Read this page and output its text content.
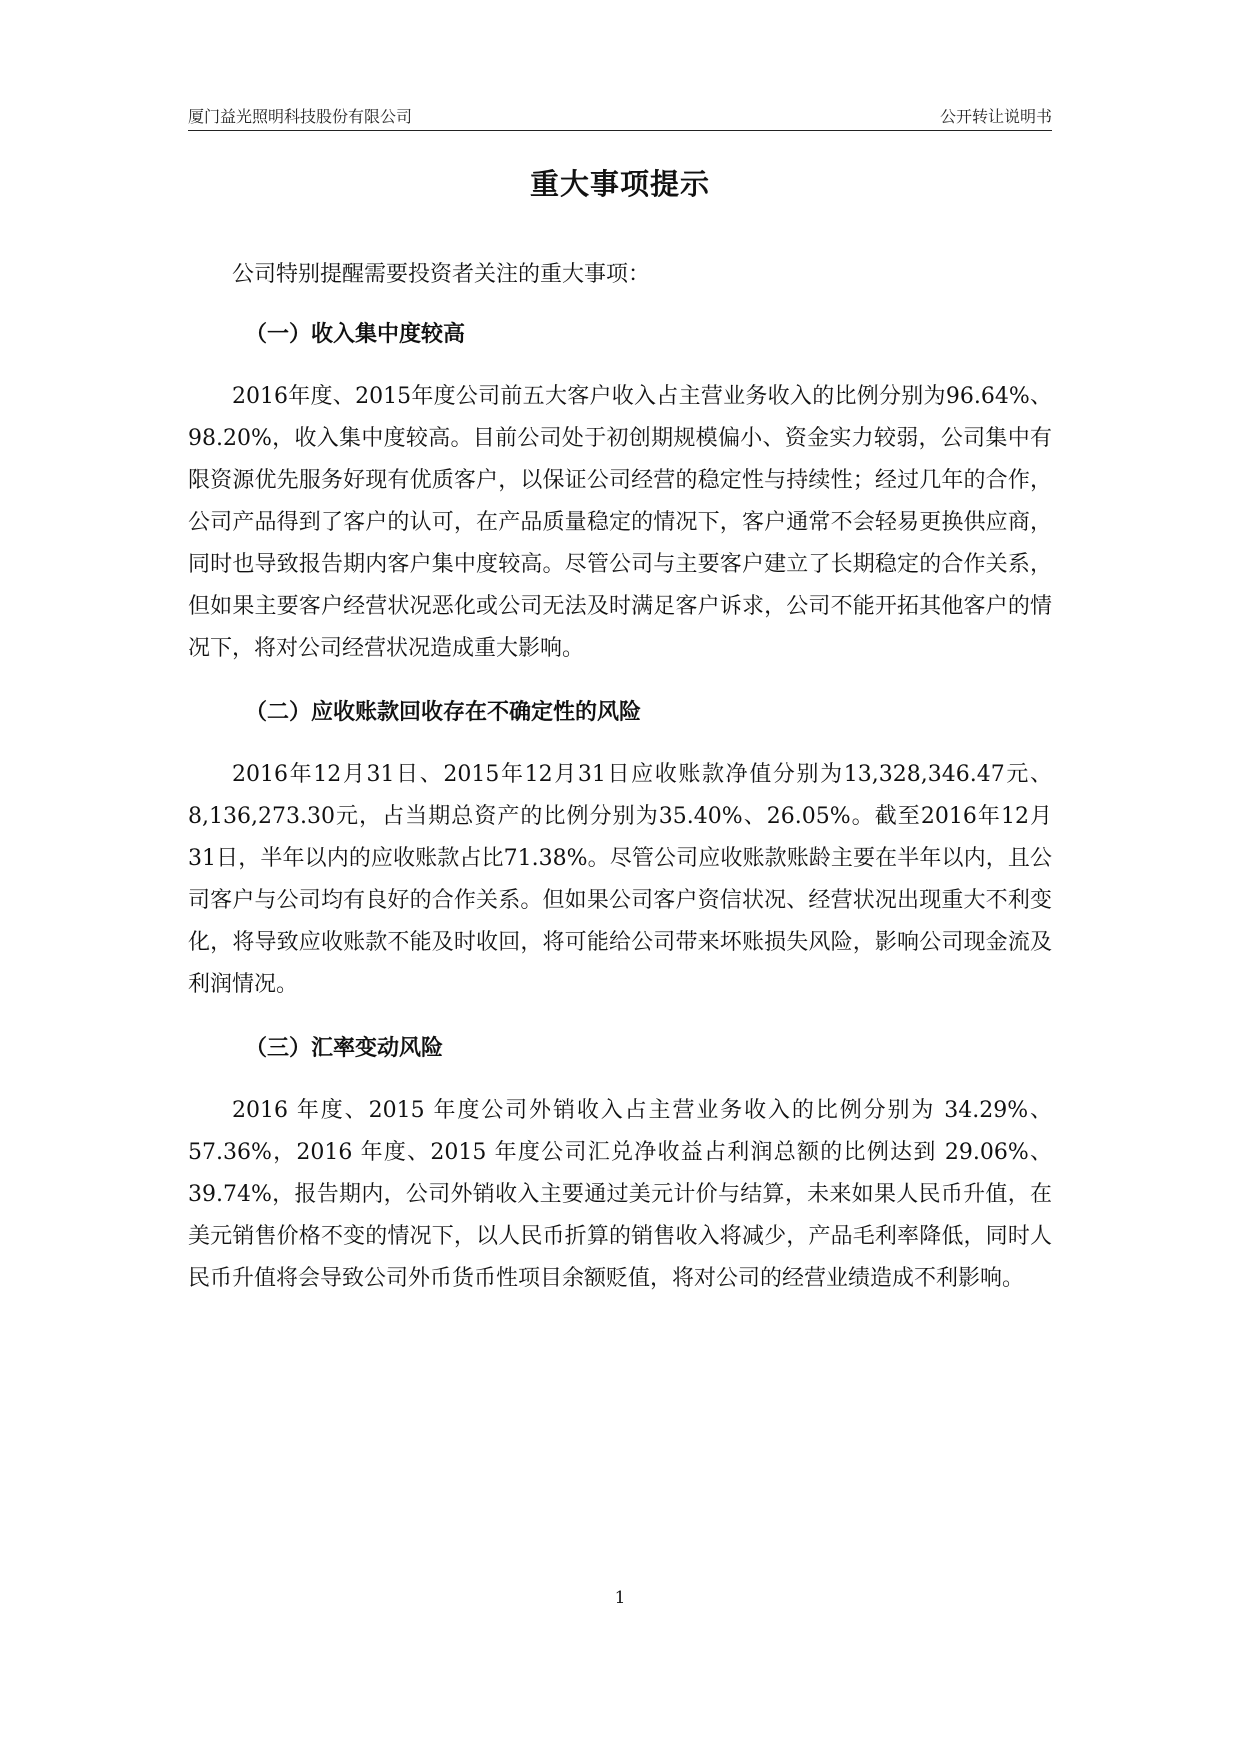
厦门益光照明科技股份有限公司	公开转让说明书
重大事项提示

公司特别提醒需要投资者关注的重大事项：

（一）收入集中度较高

2016年度、2015年度公司前五大客户收入占主营业务收入的比例分别为96.64%、98.20%，收入集中度较高。目前公司处于初创期规模偏小、资金实力较弱，公司集中有限资源优先服务好现有优质客户，以保证公司经营的稳定性与持续性；经过几年的合作，公司产品得到了客户的认可，在产品质量稳定的情况下，客户通常不会轻易更换供应商，同时也导致报告期内客户集中度较高。尽管公司与主要客户建立了长期稳定的合作关系，但如果主要客户经营状况恶化或公司无法及时满足客户诉求，公司不能开拓其他客户的情况下，将对公司经营状况造成重大影响。

（二）应收账款回收存在不确定性的风险

2016年12月31日、2015年12月31日应收账款净值分别为13,328,346.47元、8,136,273.30元，占当期总资产的比例分别为35.40%、26.05%。截至2016年12月31日，半年以内的应收账款占比71.38%。尽管公司应收账款账龄主要在半年以内，且公司客户与公司均有良好的合作关系。但如果公司客户资信状况、经营状况出现重大不利变化，将导致应收账款不能及时收回，将可能给公司带来坏账损失风险，影响公司现金流及利润情况。

（三）汇率变动风险

2016 年度、2015 年度公司外销收入占主营业务收入的比例分别为 34.29%、57.36%，2016 年度、2015 年度公司汇兑净收益占利润总额的比例达到 29.06%、39.74%，报告期内，公司外销收入主要通过美元计价与结算，未来如果人民币升值，在美元销售价格不变的情况下，以人民币折算的销售收入将减少，产品毛利率降低，同时人民币升值将会导致公司外币货币性项目余额贬值，将对公司的经营业绩造成不利影响。

1
